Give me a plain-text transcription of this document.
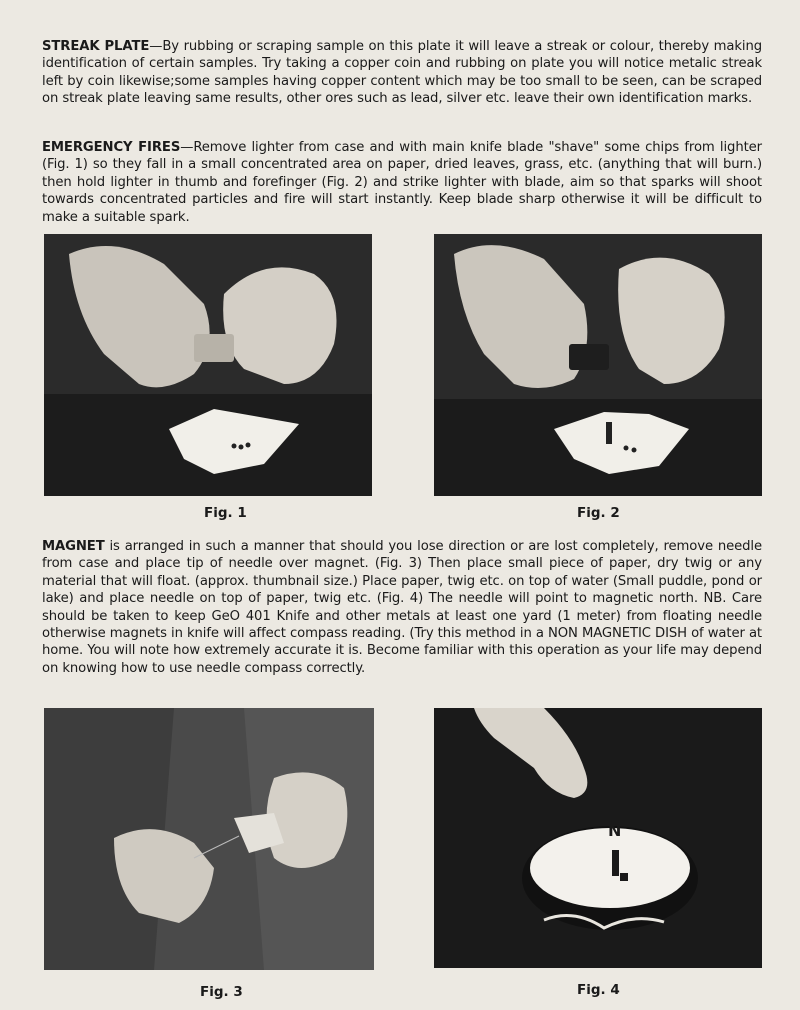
STREAK PLATE—By rubbing or scraping sample on this plate it will leave a streak or colour, thereby making identification of certain samples. Try taking a copper coin and rubbing on plate you will notice metalic streak left by coin likewise;some samples having copper content which may be too small to be seen, can be scraped on streak plate leaving same results, other ores such as lead, silver etc. leave their own identification marks.
EMERGENCY FIRES—Remove lighter from case and with main knife blade "shave" some chips from lighter (Fig. 1) so they fall in a small concentrated area on paper, dried leaves, grass, etc. (anything that will burn.) then hold lighter in thumb and forefinger (Fig. 2) and strike lighter with blade, aim so that sparks will shoot towards concentrated particles and fire will start instantly. Keep blade sharp otherwise it will be difficult to make a suitable spark.
Fig. 1	Fig. 2
MAGNET is arranged in such a manner that should you lose direction or are lost completely, remove needle from case and place tip of needle over magnet. (Fig. 3) Then place small piece of paper, dry twig or any material that will float. (approx. thumbnail size.) Place paper, twig etc. on top of water (Small puddle, pond or lake) and place needle on top of paper, twig etc. (Fig. 4) The needle will point to magnetic north. NB. Care should be taken to keep GeO 401 Knife and other metals at least one yard (1 meter) from floating needle otherwise magnets in knife will affect compass reading. (Try this method in a NON MAGNETIC DISH of water at home. You will note how extremely accurate it is. Become familiar with this operation as your life may depend on knowing how to use needle compass correctly.
N
Fig. 3	Fig. 4
